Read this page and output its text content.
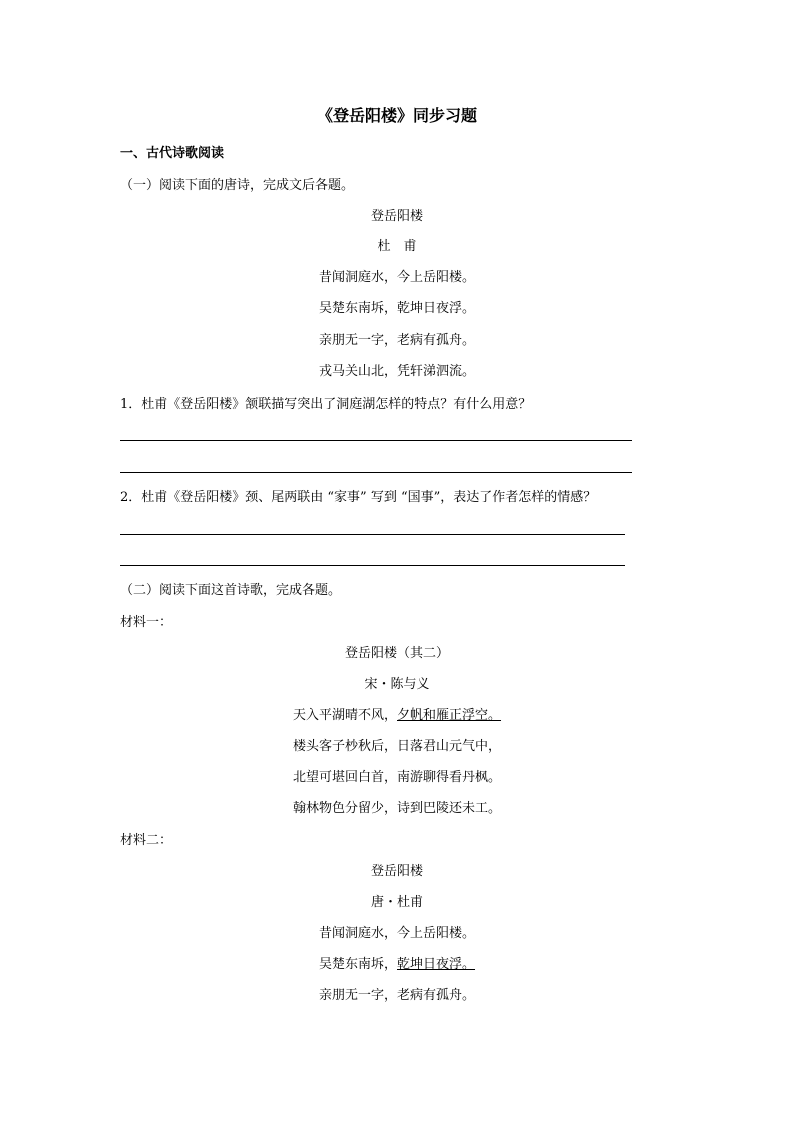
《登岳阳楼》同步习题
一、古代诗歌阅读
（一）阅读下面的唐诗，完成文后各题。
登岳阳楼
杜　甫
昔闻洞庭水，今上岳阳楼。
吴楚东南坼，乾坤日夜浮。
亲朋无一字，老病有孤舟。
戎马关山北，凭轩涕泗流。
1．杜甫《登岳阳楼》颔联描写突出了洞庭湖怎样的特点？有什么用意？
2．杜甫《登岳阳楼》颈、尾两联由 “家事” 写到 “国事”，表达了作者怎样的情感？
（二）阅读下面这首诗歌，完成各题。
材料一：
登岳阳楼（其二）
宋・陈与义
天入平湖晴不风，夕帆和雁正浮空。
楼头客子杪秋后，日落君山元气中，
北望可堪回白首，南游聊得看丹枫。
翰林物色分留少，诗到巴陵还未工。
材料二：
登岳阳楼
唐・杜甫
昔闻洞庭水，今上岳阳楼。
吴楚东南坼，乾坤日夜浮。
亲朋无一字，老病有孤舟。
